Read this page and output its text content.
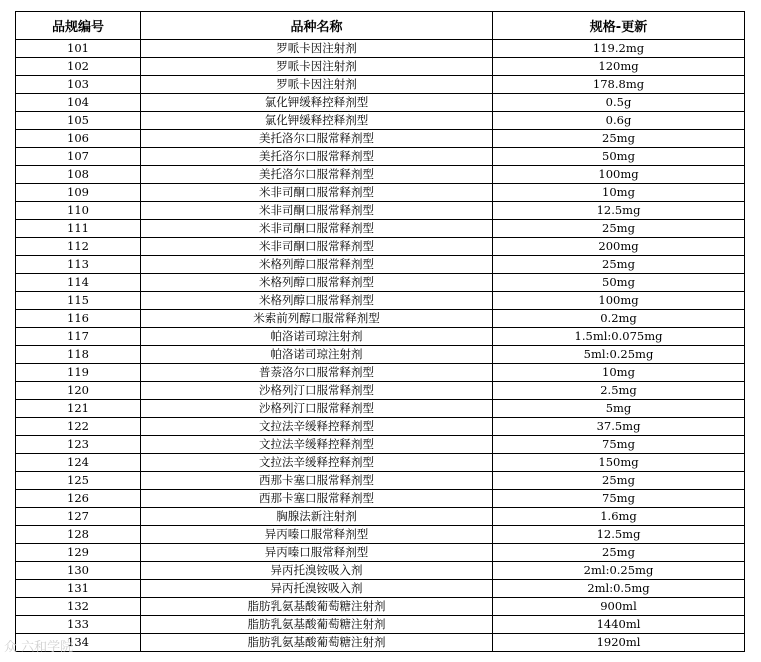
品规编号	品种名称	规格-更新
101	罗哌卡因注射剂	119.2mg
102	罗哌卡因注射剂	120mg
103	罗哌卡因注射剂	178.8mg
104	氯化钾缓释控释剂型	0.5g
105	氯化钾缓释控释剂型	0.6g
106	美托洛尔口服常释剂型	25mg
107	美托洛尔口服常释剂型	50mg
108	美托洛尔口服常释剂型	100mg
109	米非司酮口服常释剂型	10mg
110	米非司酮口服常释剂型	12.5mg
111	米非司酮口服常释剂型	25mg
112	米非司酮口服常释剂型	200mg
113	米格列醇口服常释剂型	25mg
114	米格列醇口服常释剂型	50mg
115	米格列醇口服常释剂型	100mg
116	米索前列醇口服常释剂型	0.2mg
117	帕洛诺司琼注射剂	1.5ml:0.075mg
118	帕洛诺司琼注射剂	5ml:0.25mg
119	普萘洛尔口服常释剂型	10mg
120	沙格列汀口服常释剂型	2.5mg
121	沙格列汀口服常释剂型	5mg
122	文拉法辛缓释控释剂型	37.5mg
123	文拉法辛缓释控释剂型	75mg
124	文拉法辛缓释控释剂型	150mg
125	西那卡塞口服常释剂型	25mg
126	西那卡塞口服常释剂型	75mg
127	胸腺法新注射剂	1.6mg
128	异丙嗪口服常释剂型	12.5mg
129	异丙嗪口服常释剂型	25mg
130	异丙托溴铵吸入剂	2ml:0.25mg
131	异丙托溴铵吸入剂	2ml:0.5mg
132	脂肪乳氨基酸葡萄糖注射剂	900ml
133	脂肪乳氨基酸葡萄糖注射剂	1440ml
134	脂肪乳氨基酸葡萄糖注射剂	1920ml
众 六和学院
